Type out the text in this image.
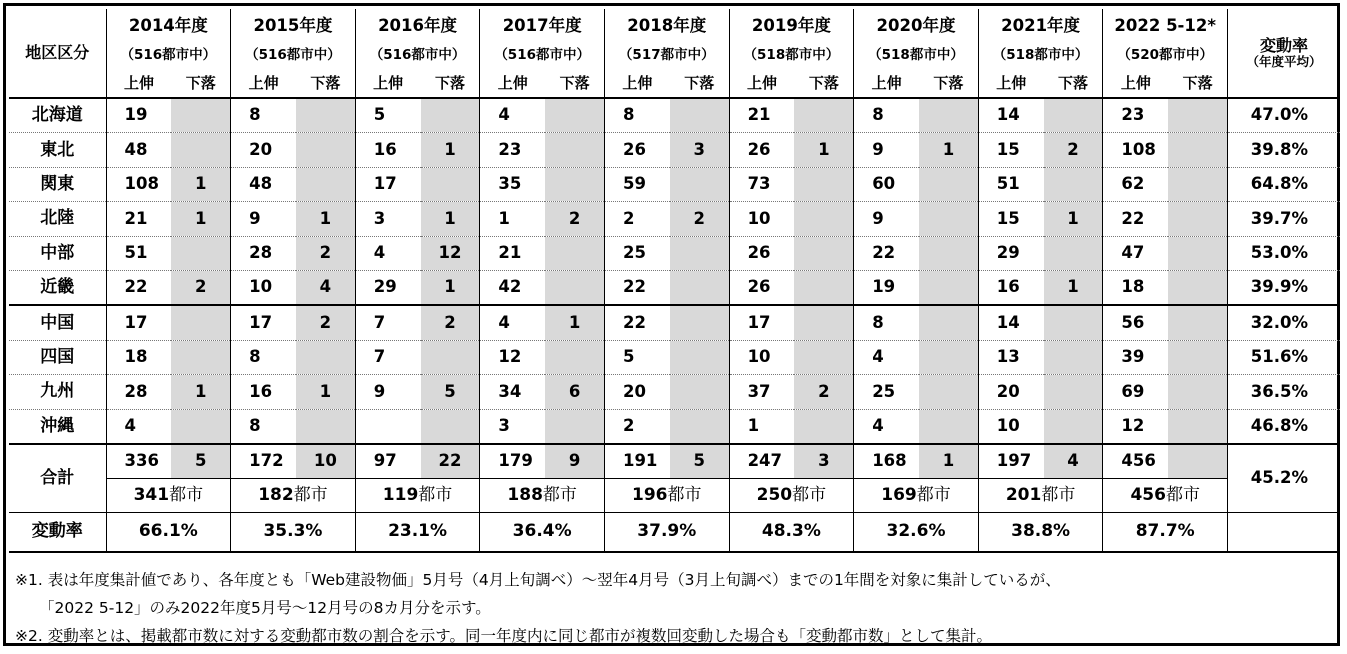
地区区分	2014年度		2015年度		2016年度		2017年度		2018年度		2019年度		2020年度		2021年度		2022 5-12*		変動率
（年度平均）

	（516都市中）		（516都市中）		（516都市中）		（516都市中）		（517都市中）		（518都市中）		（518都市中）		（518都市中）		（520都市中）		
	上伸	下落	上伸	下落	上伸	下落	上伸	下落	上伸	下落	上伸	下落	上伸	下落	上伸	下落	上伸	下落	
北海道	19		8		5		4		8		21		8		14		23		47.0%
東北	48		20		16	1	23		26	3	26	1	9	1	15	2	108		39.8%
関東	108	1	48		17		35		59		73		60		51		62		64.8%
北陸	21	1	9	1	3	1	1	2	2	2	10		9		15	1	22		39.7%
中部	51		28	2	4	12	21		25		26		22		29		47		53.0%
近畿	22	2	10	4	29	1	42		22		26		19		16	1	18		39.9%
中国	17		17	2	7	2	4	1	22		17		8		14		56		32.0%
四国	18		8		7		12		5		10		4		13		39		51.6%
九州	28	1	16	1	9	5	34	6	20		37	2	25		20		69		36.5%
沖縄	4		8				3		2		1		4		10		12		46.8%
合計	336	5	172	10	97	22	179	9	191	5	247	3	168	1	197	4	456		45.2%
	341都市		182都市		119都市		188都市		196都市		250都市		169都市		201都市		456都市		
変動率	66.1%		35.3%		23.1%		36.4%		37.9%		48.3%		32.6%		38.8%		87.7%		
※1. 表は年度集計値であり、各年度とも「Web建設物価」5月号（4月上旬調べ）～翌年4月号（3月上旬調べ）までの1年間を対象に集計しているが、
「2022 5-12」のみ2022年度5月号～12月号の8カ月分を示す。
※2. 変動率とは、掲載都市数に対する変動都市数の割合を示す。同一年度内に同じ都市が複数回変動した場合も「変動都市数」として集計。
